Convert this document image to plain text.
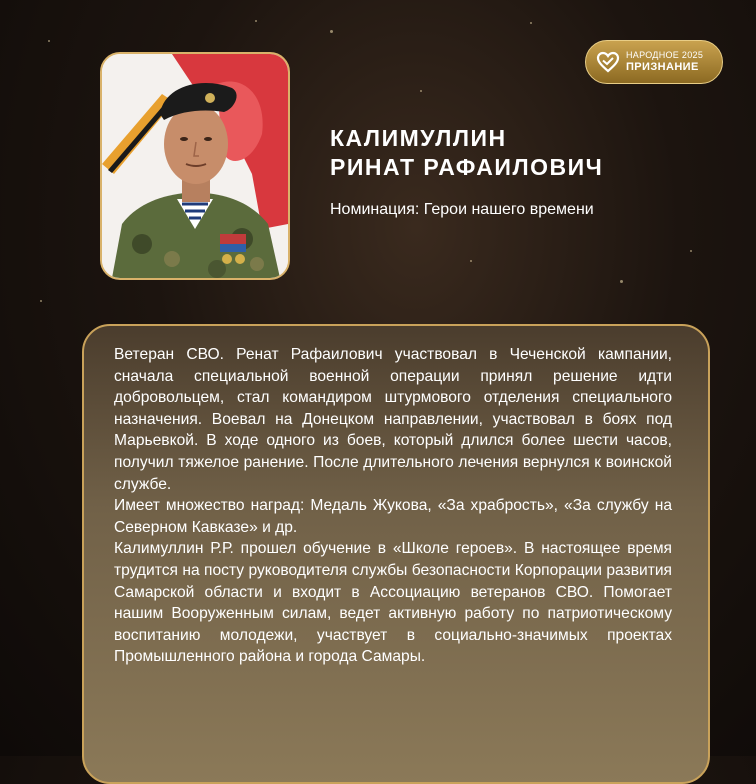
НАРОДНОЕ 2025
ПРИЗНАНИЕ
КАЛИМУЛЛИН
РИНАТ РАФАИЛОВИЧ
Номинация: Герои нашего времени

Ветеран СВО. Ренат Рафаилович участвовал в Чеченской кампании, сначала специальной военной операции принял решение идти добровольцем, стал командиром штурмового отделения специального назначения. Воевал на Донецком направлении, участвовал в боях под Марьевкой. В ходе одного из боев, который длился более шести часов, получил тяжелое ранение. После длительного лечения вернулся к воинской службе.

Имеет множество наград: Медаль Жукова, «За храбрость», «За службу на Северном Кавказе» и др.

Калимуллин Р.Р. прошел обучение в «Школе героев». В настоящее время трудится на посту руководителя службы безопасности Корпорации развития Самарской области и входит в Ассоциацию ветеранов СВО. Помогает нашим Вооруженным силам, ведет активную работу по патриотическому воспитанию молодежи, участвует в социально-значимых проектах Промышленного района и города Самары.
